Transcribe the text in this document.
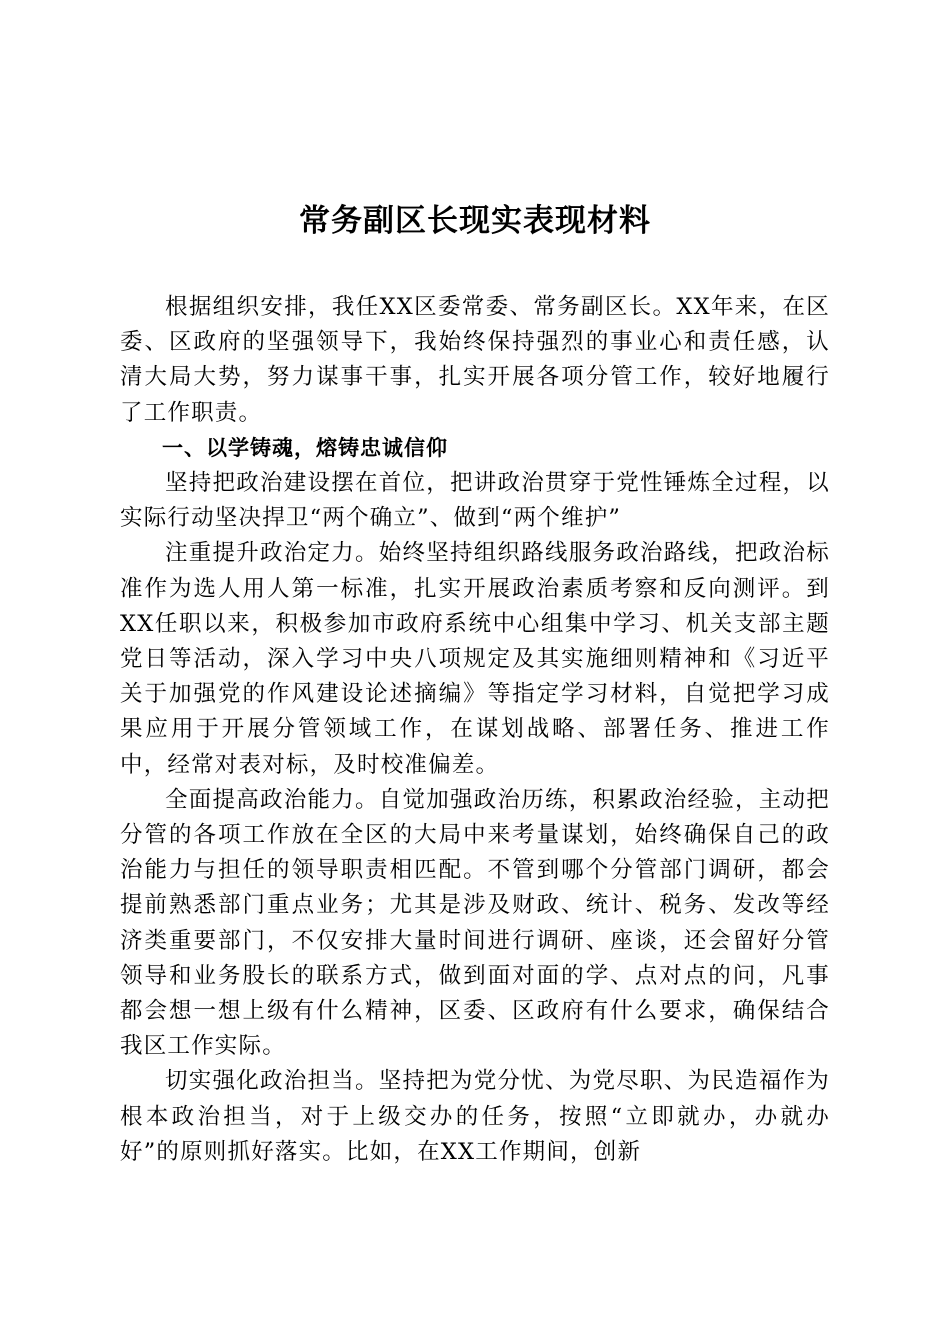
常务副区长现实表现材料

根据组织安排，我任XX区委常委、常务副区长。XX年来，在区委、区政府的坚强领导下，我始终保持强烈的事业心和责任感，认清大局大势，努力谋事干事，扎实开展各项分管工作，较好地履行了工作职责。

一、以学铸魂，熔铸忠诚信仰

坚持把政治建设摆在首位，把讲政治贯穿于党性锤炼全过程，以实际行动坚决捍卫“两个确立”、做到“两个维护”

注重提升政治定力。始终坚持组织路线服务政治路线，把政治标准作为选人用人第一标准，扎实开展政治素质考察和反向测评。到XX任职以来，积极参加市政府系统中心组集中学习、机关支部主题党日等活动，深入学习中央八项规定及其实施细则精神和《习近平关于加强党的作风建设论述摘编》等指定学习材料，自觉把学习成果应用于开展分管领域工作，在谋划战略、部署任务、推进工作中，经常对表对标，及时校准偏差。

全面提高政治能力。自觉加强政治历练，积累政治经验，主动把分管的各项工作放在全区的大局中来考量谋划，始终确保自己的政治能力与担任的领导职责相匹配。不管到哪个分管部门调研，都会提前熟悉部门重点业务；尤其是涉及财政、统计、税务、发改等经济类重要部门，不仅安排大量时间进行调研、座谈，还会留好分管领导和业务股长的联系方式，做到面对面的学、点对点的问，凡事都会想一想上级有什么精神，区委、区政府有什么要求，确保结合我区工作实际。

切实强化政治担当。坚持把为党分忧、为党尽职、为民造福作为根本政治担当，对于上级交办的任务，按照“立即就办，办就办好”的原则抓好落实。比如，在XX工作期间，创新
